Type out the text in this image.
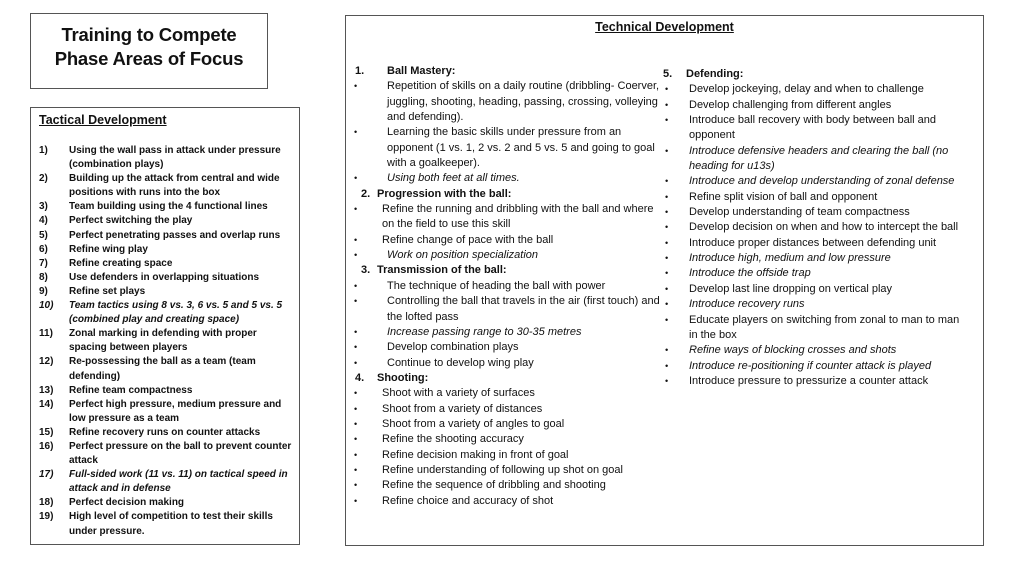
Training to Compete
Phase Areas of Focus
Tactical Development
1) Using the wall pass in attack under pressure (combination plays)
2) Building up the attack from central and wide positions with runs into the box
3) Team building using the 4 functional lines
4) Perfect switching the play
5) Perfect penetrating passes and overlap runs
6) Refine wing play
7) Refine creating space
8) Use defenders in overlapping situations
9) Refine set plays
10) Team tactics using 8 vs. 3, 6 vs. 5 and 5 vs. 5 (combined play and creating space)
11) Zonal marking in defending with proper spacing between players
12) Re-possessing the ball as a team (team defending)
13) Refine team compactness
14) Perfect high pressure, medium pressure and low pressure as a team
15) Refine recovery runs on counter attacks
16) Perfect pressure on the ball to prevent counter attack
17) Full-sided work (11 vs. 11) on tactical speed in attack and in defense
18) Perfect decision making
19) High level of competition to test their skills under pressure.
Technical Development
1. Ball Mastery:
•	Repetition of skills on a daily routine (dribbling- Coerver, juggling, shooting, heading, passing, crossing, volleying and defending).
•	Learning the basic skills under pressure from an opponent (1 vs. 1, 2 vs. 2 and 5 vs. 5 and going to goal with a goalkeeper).
•	Using both feet at all times.
2. Progression with the ball:
• Refine the running and dribbling with the ball and where on the field to use this skill
• Refine change of pace with the ball
•	Work on position specialization
3. Transmission of the ball:
•	The technique of heading the ball with power
•	Controlling the ball that travels in the air (first touch) and the lofted pass
•	Increase passing range to 30-35 metres
•	Develop combination plays
•	Continue to develop wing play
4. Shooting:
• Shoot with a variety of surfaces
• Shoot from a variety of distances
• Shoot from a variety of angles to goal
• Refine the shooting accuracy
• Refine decision making in front of goal
• Refine understanding of following up shot on goal
• Refine the sequence of dribbling and shooting
• Refine choice and accuracy of shot
5. Defending:
• Develop jockeying, delay and when to challenge
• Develop challenging from different angles
• Introduce ball recovery with body between ball and opponent
• Introduce defensive headers and clearing the ball (no heading for u13s)
• Introduce and develop understanding of zonal defense
• Refine split vision of ball and opponent
• Develop understanding of team compactness
• Develop decision on when and how to intercept the ball
• Introduce proper distances between defending unit
• Introduce high, medium and low pressure
• Introduce the offside trap
• Develop last line dropping on vertical play
• Introduce recovery runs
• Educate players on switching from zonal to man to man in the box
• Refine ways of blocking crosses and shots
• Introduce re-positioning if counter attack is played
• Introduce pressure to pressurize a counter attack
